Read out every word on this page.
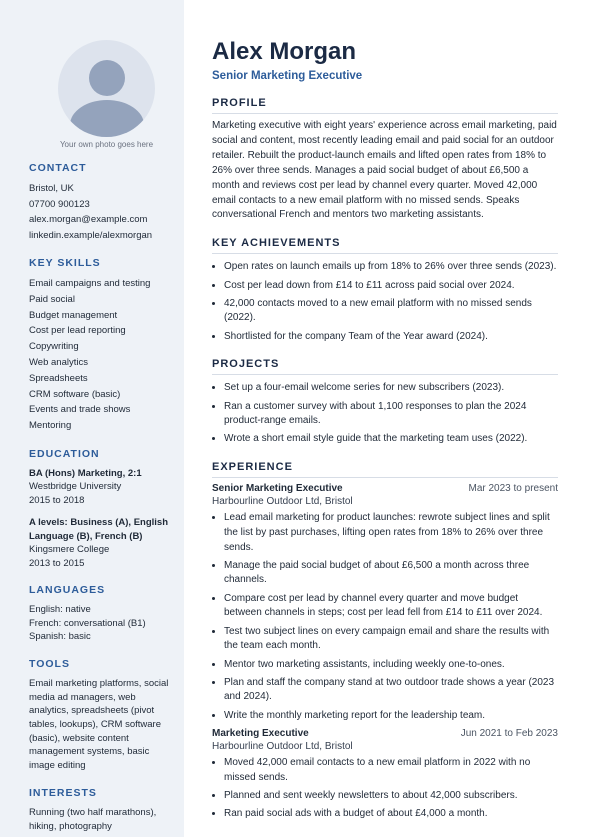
Your own photo goes here
CONTACT
Bristol, UK
07700 900123
alex.morgan@example.com
linkedin.example/alexmorgan
KEY SKILLS
Email campaigns and testing
Paid social
Budget management
Cost per lead reporting
Copywriting
Web analytics
Spreadsheets
CRM software (basic)
Events and trade shows
Mentoring
EDUCATION
BA (Hons) Marketing, 2:1
Westbridge University
2015 to 2018
A levels: Business (A), English Language (B), French (B)
Kingsmere College
2013 to 2015
LANGUAGES
English: native
French: conversational (B1)
Spanish: basic
TOOLS
Email marketing platforms, social media ad managers, web analytics, spreadsheets (pivot tables, lookups), CRM software (basic), website content management systems, basic image editing
INTERESTS
Running (two half marathons), hiking, photography
Alex Morgan
Senior Marketing Executive
PROFILE
Marketing executive with eight years' experience across email marketing, paid social and content, most recently leading email and paid social for an outdoor retailer. Rebuilt the product-launch emails and lifted open rates from 18% to 26% over three sends. Manages a paid social budget of about £6,500 a month and reviews cost per lead by channel every quarter. Moved 42,000 email contacts to a new email platform with no missed sends. Speaks conversational French and mentors two marketing assistants.
KEY ACHIEVEMENTS
• Open rates on launch emails up from 18% to 26% over three sends (2023).
• Cost per lead down from £14 to £11 across paid social over 2024.
• 42,000 contacts moved to a new email platform with no missed sends (2022).
• Shortlisted for the company Team of the Year award (2024).
PROJECTS
• Set up a four-email welcome series for new subscribers (2023).
• Ran a customer survey with about 1,100 responses to plan the 2024 product-range emails.
• Wrote a short email style guide that the marketing team uses (2022).
EXPERIENCE
Senior Marketing Executive	Mar 2023 to present
Harbourline Outdoor Ltd, Bristol
• Lead email marketing for product launches: rewrote subject lines and split the list by past purchases, lifting open rates from 18% to 26% over three sends.
• Manage the paid social budget of about £6,500 a month across three channels.
• Compare cost per lead by channel every quarter and move budget between channels in steps; cost per lead fell from £14 to £11 over 2024.
• Test two subject lines on every campaign email and share the results with the team each month.
• Mentor two marketing assistants, including weekly one-to-ones.
• Plan and staff the company stand at two outdoor trade shows a year (2023 and 2024).
• Write the monthly marketing report for the leadership team.
Marketing Executive	Jun 2021 to Feb 2023
Harbourline Outdoor Ltd, Bristol
• Moved 42,000 email contacts to a new email platform in 2022 with no missed sends.
• Planned and sent weekly newsletters to about 42,000 subscribers.
• Ran paid social ads with a budget of about £4,000 a month.
